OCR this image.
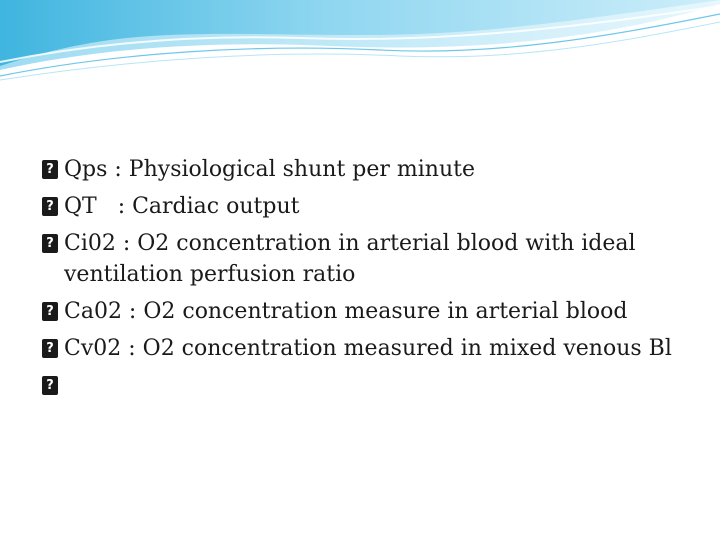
? Qps : Physiological shunt per minute
? QT   : Cardiac output
? Ci02 : O2 concentration in arterial blood with ideal ventilation perfusion ratio
? Ca02 : O2 concentration measure in arterial blood
? Cv02 : O2 concentration measured in mixed venous Bl
?
